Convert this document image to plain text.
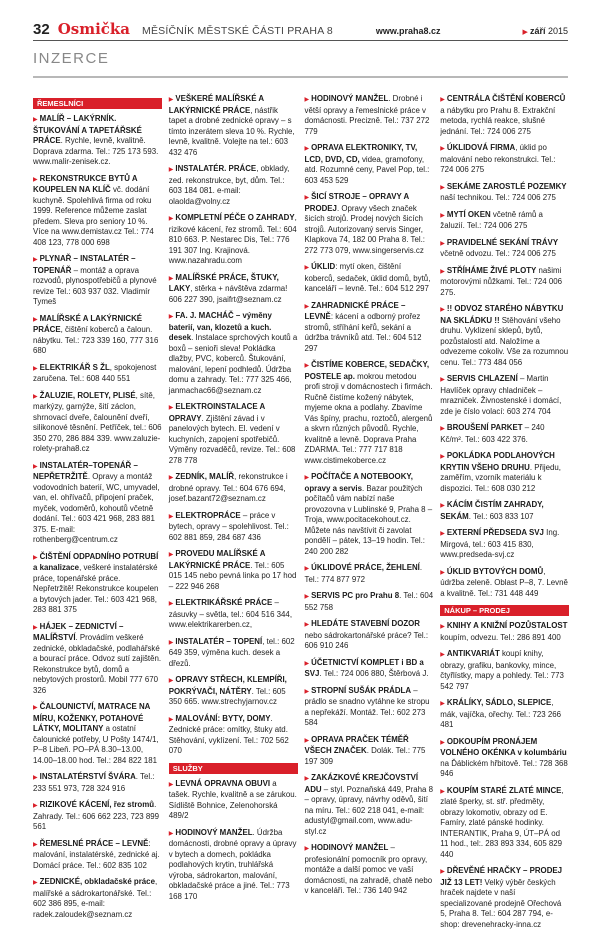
32 Osmička MĚSÍČNÍK MĚSTSKÉ ČÁSTI PRAHA 8	www.praha8.cz	▶ září 2015
INZERCE
ŘEMESLNÍCI

▶ MALÍŘ – LAKÝRNÍK. ŠTUKOVÁNÍ A TAPETÁŘSKÉ PRÁCE. Rychle, levně, kvalitně. Doprava zdarma. Tel.: 725 173 593. www.malir-zenisek.cz.

▶ REKONSTRUKCE BYTŮ A KOUPELEN NA KLÍČ vč. dodání kuchyně. Spolehlivá firma od roku 1999. Reference můžeme zaslat předem. Sleva pro seniory 10 %. Více na www.demistav.cz Tel.: 774 408 123, 778 000 698

▶ PLYNAŘ – INSTALATÉR – TOPENÁŘ – montáž a oprava rozvodů, plynospotřebičů a plynové revize Tel.: 603 937 032. Vladimír Tymeš

▶ MALÍŘSKÉ A LAKÝRNICKÉ PRÁCE, čištění koberců a čaloun. nábytku. Tel.: 723 339 160, 777 316 680

▶ ELEKTRIKÁŘ S ŽL, spokojenost zaručena. Tel.: 608 440 551

▶ ŽALUZIE, ROLETY, PLISÉ, sítě, markýzy, garnýže, šití záclon, shrnovací dveře, čalounění dveří, silikonové těsnění. Petříček, tel.: 606 350 270, 286 884 339. www.zaluzie-rolety-praha8.cz

▶ INSTALATÉR–TOPENÁŘ – NEPŘETRŽITĚ. Opravy a montáž vodovodních baterií, WC, umyvadel, van, el. ohřívačů, připojení praček, myček, vodoměrů, kohoutů včetně dodání. Tel.: 603 421 968, 283 881 375. E-mail: rothenberg@centrum.cz

▶ ČIŠTĚNÍ ODPADNÍHO POTRUBÍ a kanalizace, veškeré instalatérské práce, topenářské práce. Nepřetržitě! Rekonstrukce koupelen a bytových jader. Tel.: 603 421 968, 283 881 375

▶ HÁJEK – ZEDNICTVÍ – MALÍŘSTVÍ. Provádím veškeré zednické, obkladačské, podlahářské a bourací práce. Odvoz sutí zajištěn. Rekonstrukce bytů, domů a nebytových prostorů. Mobil 777 670 326

▶ ČALOUNICTVÍ, MATRACE NA MÍRU, KOŽENKY, POTAHOVÉ LÁTKY, MOLITANY a ostatní čalounické potřeby, U Pošty 1474/1, P–8 Libeň. PO–PÁ 8.30–13.00, 14.00–18.00 hod. Tel.: 284 822 181

▶ INSTALATÉRSTVÍ ŠVÁRA. Tel.: 233 551 973, 728 324 916

▶ RIZIKOVÉ KÁCENÍ, řez stromů. Zahrady. Tel.: 606 662 223, 723 899 561

▶ ŘEMESLNÉ PRÁCE – LEVNĚ: malování, instalatérské, zednické aj. Domácí práce. Tel.: 602 835 102

▶ ZEDNICKÉ, obkladačské práce, malířské a sádrokartonářské. Tel.: 602 386 895, e-mail: radek.zaloudek@seznam.cz

▶ VEŠKERÉ MALÍŘSKÉ A LAKÝRNICKÉ PRÁCE, nástřik tapet a drobné zednické opravy – s tímto inzerátem sleva 10 %. Rychle, levně, kvalitně. Volejte na tel.: 603 432 476

▶ INSTALATÉR. PRÁCE, obklady, zed. rekonstrukce, byt, dům. Tel.: 603 184 081. e-mail: olaolda@volny.cz

▶ KOMPLETNÍ PÉČE O ZAHRADY, rizikové kácení, řez stromů. Tel.: 604 810 663. P. Nestarec Dis, Tel.: 776 191 307 Ing. Krajinová. www.nazahradu.com

▶ MALÍŘSKÉ PRÁCE, ŠTUKY, LAKY, stěrka + návštěva zdarma! 606 227 390, jsaifrt@seznam.cz

▶ FA. J. MACHÁČ – výměny baterií, van, klozetů a kuch. desek. Instalace sprchových koutů a boxů – senioři sleva! Pokládka dlažby, PVC, koberců. Štukování, malování, lepení podhledů. Údržba domu a zahrady. Tel.: 777 325 466, janmachac66@seznam.cz

▶ ELEKTROINSTALACE A OPRAVY. Zjištění závad i v panelových bytech. El. vedení v kuchyních, zapojení spotřebičů. Výměny rozvaděčů, revize. Tel.: 608 278 778

▶ ZEDNÍK, MALÍŘ, rekonstrukce i drobné opravy. Tel.: 604 676 694, josef.bazant72@seznam.cz

▶ ELEKTROPRÁCE – práce v bytech, opravy – spolehlivost. Tel.: 602 881 859, 284 687 436

▶ PROVEDU MALÍŘSKÉ A LAKÝRNICKÉ PRÁCE. Tel.: 605 015 145 nebo pevná linka po 17 hod – 222 946 268

▶ ELEKTRIKÁŘSKÉ PRÁCE – zásuvky – světla, tel.: 604 516 344, www.elektrikarerben.cz,

▶ INSTALATÉR – TOPENÍ, tel.: 602 649 359, výměna kuch. desek a dřezů.

▶ OPRAVY STŘECH, KLEMPÍŘI, POKRÝVAČI, NÁTĚRY. Tel.: 605 350 665. www.strechyjarnov.cz

▶ MALOVÁNÍ: BYTY, DOMY. Zednické práce: omítky, štuky atd. Stěhování, vyklízení. Tel.: 702 562 070

SLUŽBY

▶ LEVNÁ OPRAVNA OBUVI a tašek. Rychle, kvalitně a se zárukou. Sídliště Bohnice, Zelenohorská 489/2

▶ HODINOVÝ MANŽEL. Údržba domácnosti, drobné opravy a úpravy v bytech a domech, pokládka podlahových krytin, truhlářská výroba, sádrokarton, malování, obkladačské práce a jiné. Tel.: 773 168 170

▶ HODINOVÝ MANŽEL. Drobné i větší opravy a řemeslnické práce v domácnosti. Precizně. Tel.: 737 272 779

▶ OPRAVA ELEKTRONIKY, TV, LCD, DVD, CD, videa, gramofony, atd. Rozumné ceny, Pavel Pop, tel.: 603 453 529

▶ ŠICÍ STROJE – OPRAVY A PRODEJ. Opravy všech značek šicích strojů. Prodej nových šicích strojů. Autorizovaný servis Singer, Klapkova 74, 182 00 Praha 8. Tel.: 272 773 079, www.singerservis.cz

▶ ÚKLID: mytí oken, čištění koberců, sedaček, úklid domů, bytů, kanceláří – levně. Tel.: 604 512 297

▶ ZAHRADNICKÉ PRÁCE – LEVNĚ: kácení a odborný prořez stromů, stříhání keřů, sekání a údržba trávníků atd. Tel.: 604 512 297

▶ ČISTÍME KOBERCE, SEDAČKY, POSTELE ap. mokrou metodou profi stroji v domácnostech i firmách. Ručně čistíme kožený nábytek, myjeme okna a podlahy. Zbavíme Vás špíny, prachu, roztočů, alergenů a skvrn různých původů. Rychle, kvalitně a levně. Doprava Praha ZDARMA. Tel.: 777 717 818 www.cistimekoberce.cz

▶ POČÍTAČE A NOTEBOOKY, opravy a servis. Bazar použitých počítačů vám nabízí naše provozovna v Lublinské 9, Praha 8 – Troja, www.pocitacekohout.cz. Můžete nás navštívit či zavolat pondělí – pátek, 13–19 hodin. Tel.: 240 200 282

▶ ÚKLIDOVÉ PRÁCE, ŽEHLENÍ. Tel.: 774 877 972

▶ SERVIS PC pro Prahu 8. Tel.: 604 552 758

▶ HLEDÁTE STAVEBNÍ DOZOR nebo sádrokartonářské práce? Tel.: 606 910 246

▶ ÚČETNICTVÍ KOMPLET i BD a SVJ. Tel.: 724 006 880, Štěrbová J.

▶ STROPNÍ SUŠÁK PRÁDLA – prádlo se snadno vytáhne ke stropu a nepřekáží. Montáž. Tel.: 602 273 584

▶ OPRAVA PRAČEK TÉMĚŘ VŠECH ZNAČEK. Dolák. Tel.: 775 197 309

▶ ZAKÁZKOVÉ KREJČOVSTVÍ ADU – styl. Poznaňská 449, Praha 8 – opravy, úpravy, návrhy oděvů, šití na míru. Tel.: 602 218 041, e-mail: adustyl@gmail.com, www.adu-styl.cz

▶ HODINOVÝ MANŽEL – profesionální pomocník pro opravy, montáže a další pomoc ve vaší domácnosti, na zahradě, chatě nebo v kanceláři. Tel.: 736 140 942

▶ CENTRÁLA ČIŠTĚNÍ KOBERCŮ a nábytku pro Prahu 8. Extrakční metoda, rychlá reakce, slušné jednání. Tel.: 724 006 275

▶ ÚKLIDOVÁ FIRMA, úklid po malování nebo rekonstrukci. Tel.: 724 006 275

▶ SEKÁME ZAROSTLÉ POZEMKY naší technikou. Tel.: 724 006 275

▶ MYTÍ OKEN včetně rámů a žaluzií. Tel.: 724 006 275

▶ PRAVIDELNÉ SEKÁNÍ TRÁVY včetně odvozu. Tel.: 724 006 275

▶ STŘÍHÁME ŽIVÉ PLOTY našimi motorovými nůžkami. Tel.: 724 006 275.

▶ !! ODVOZ STARÉHO NÁBYTKU NA SKLÁDKU !! Stěhování všeho druhu. Vyklizení sklepů, bytů, pozůstalostí atd. Naložíme a odvezeme cokoliv. Vše za rozumnou cenu. Tel.: 773 484 056

▶ SERVIS CHLAZENÍ – Martin Havlíček opravy chladniček – mrazniček. Živnostenské i domácí, zde je číslo volací: 603 274 704

▶ BROUŠENÍ PARKET – 240 Kč/m². Tel.: 603 422 376.

▶ POKLÁDKA PODLAHOVÝCH KRYTIN VŠEHO DRUHU. Přijedu, zaměřím, vzorník materiálu k dispozici. Tel.: 608 030 212

▶ KÁCÍM ČISTÍM ZAHRADY, SEKÁM. Tel.: 603 833 107

▶ EXTERNÍ PŘEDSEDA SVJ Ing. Mirgová, tel.: 603 415 830, www.predseda-svj.cz

▶ ÚKLID BYTOVÝCH DOMŮ, údržba zeleně. Oblast P–8, 7. Levně a kvalitně. Tel.: 731 448 449

NÁKUP – PRODEJ

▶ KNIHY A KNIŽNÍ POZŮSTALOST koupím, odvezu. Tel.: 286 891 400

▶ ANTIKVARIÁT koupí knihy, obrazy, grafiku, bankovky, mince, čtyřlístky, mapy a pohledy. Tel.: 773 542 797

▶ KRÁLÍKY, SÁDLO, SLEPICE, mák, vajíčka, ořechy. Tel.: 723 266 481

▶ ODKOUPÍM PRONÁJEM VOLNÉHO OKÉNKA v kolumbáriu na Ďáblickém hřbitově. Tel.: 728 368 946

▶ KOUPÍM STARÉ ZLATÉ MINCE, zlaté šperky, st. stř. předměty, obrazy lokomotiv, obrazy od E. Famíry, zlaté pánské hodinky. INTERANTIK, Praha 9, ÚT–PÁ od 11 hod., tel:. 283 893 334, 605 829 440

▶ DŘEVĚNÉ HRAČKY – PRODEJ JIŽ 13 LET! Velký výběr českých hraček najdete v naší specializované prodejně Ořechová 5, Praha 8. Tel.: 604 287 794, e-shop: drevenehracky-inna.cz
